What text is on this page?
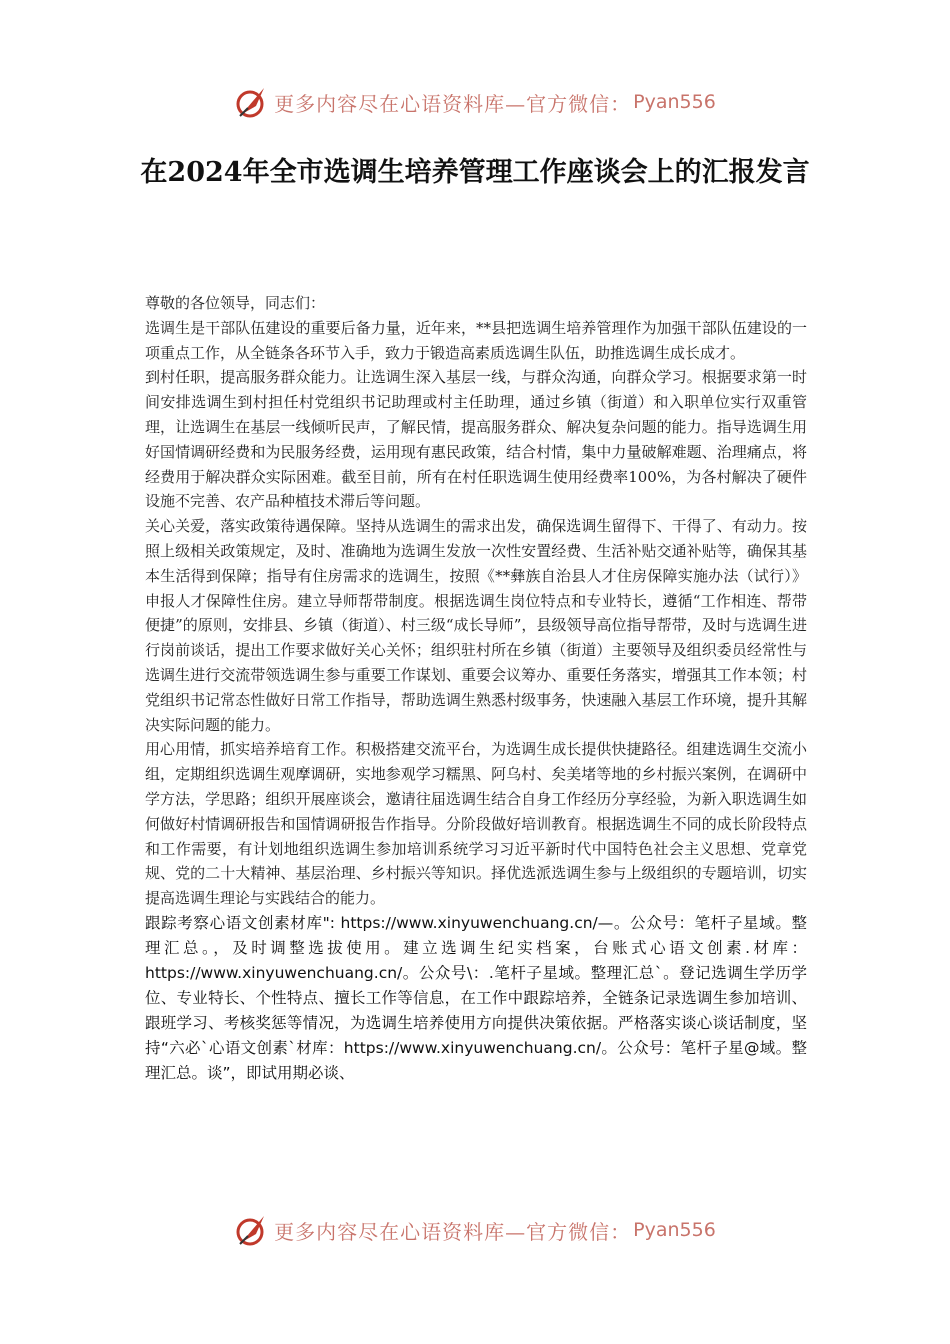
更多内容尽在心语资料库—官方微信： Pyan556
在2024年全市选调生培养管理工作座谈会上的汇报发言

尊敬的各位领导，同志们：

选调生是干部队伍建设的重要后备力量，近年来，**县把选调生培养管理作为加强干部队伍建设的一项重点工作，从全链条各环节入手，致力于锻造高素质选调生队伍，助推选调生成长成才。

到村任职，提高服务群众能力。让选调生深入基层一线，与群众沟通，向群众学习。根据要求第一时间安排选调生到村担任村党组织书记助理或村主任助理，通过乡镇（街道）和入职单位实行双重管理，让选调生在基层一线倾听民声，了解民情，提高服务群众、解决复杂问题的能力。指导选调生用好国情调研经费和为民服务经费，运用现有惠民政策，结合村情，集中力量破解难题、治理痛点，将经费用于解决群众实际困难。截至目前，所有在村任职选调生使用经费率100%，为各村解决了硬件设施不完善、农产品种植技术滞后等问题。

关心关爱，落实政策待遇保障。坚持从选调生的需求出发，确保选调生留得下、干得了、有动力。按照上级相关政策规定，及时、准确地为选调生发放一次性安置经费、生活补贴交通补贴等，确保其基本生活得到保障；指导有住房需求的选调生，按照《**彝族自治县人才住房保障实施办法（试行）》申报人才保障性住房。建立导师帮带制度。根据选调生岗位特点和专业特长，遵循“工作相连、帮带便捷”的原则，安排县、乡镇（街道）、村三级“成长导师”，县级领导高位指导帮带，及时与选调生进行岗前谈话，提出工作要求做好关心关怀；组织驻村所在乡镇（街道）主要领导及组织委员经常性与选调生进行交流带领选调生参与重要工作谋划、重要会议筹办、重要任务落实，增强其工作本领；村党组织书记常态性做好日常工作指导，帮助选调生熟悉村级事务，快速融入基层工作环境，提升其解决实际问题的能力。

用心用情，抓实培养培育工作。积极搭建交流平台，为选调生成长提供快捷路径。组建选调生交流小组，定期组织选调生观摩调研，实地参观学习糯黑、阿乌村、矣美堵等地的乡村振兴案例，在调研中学方法，学思路；组织开展座谈会，邀请往届选调生结合自身工作经历分享经验，为新入职选调生如何做好村情调研报告和国情调研报告作指导。分阶段做好培训教育。根据选调生不同的成长阶段特点和工作需要，有计划地组织选调生参加培训系统学习习近平新时代中国特色社会主义思想、党章党规、党的二十大精神、基层治理、乡村振兴等知识。择优选派选调生参与上级组织的专题培训，切实提高选调生理论与实践结合的能力。

跟踪考察心语文创素材库": https://www.xinyuwenchuang.cn/—。公众号：笔杆子星域。整理汇总。，及时调整选拔使用。建立选调生纪实档案，台账式心语文创素.材库：https://www.xinyuwenchuang.cn/。公众号\：.笔杆子星域。整理汇总`。登记选调生学历学位、专业特长、个性特点、擅长工作等信息，在工作中跟踪培养，全链条记录选调生参加培训、跟班学习、考核奖惩等情况，为选调生培养使用方向提供决策依据。严格落实谈心谈话制度，坚持“六必`心语文创素`材库：https://www.xinyuwenchuang.cn/。公众号：笔杆子星@域。整理汇总。谈”，即试用期必谈、

更多内容尽在心语资料库—官方微信： Pyan556
